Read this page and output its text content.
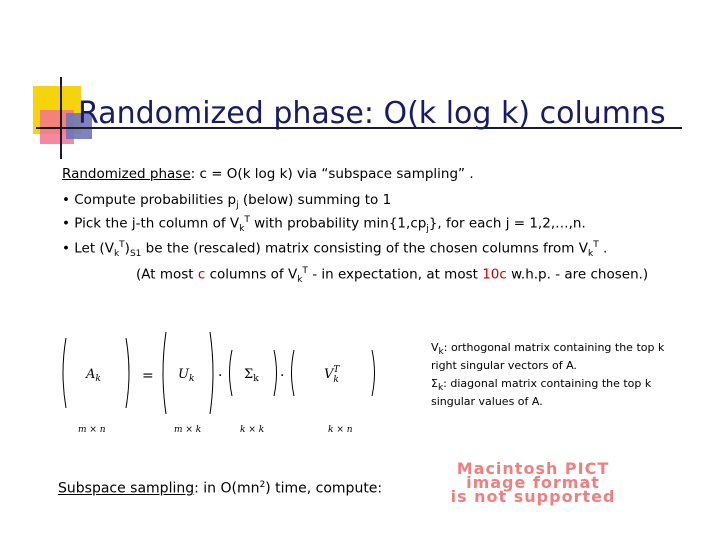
Randomized phase: O(k log k) columns
Randomized phase: c = O(k log k) via “subspace sampling” .
• Compute probabilities $p_j$ (below) summing to 1
• Pick the j-th column of $V_k^T$ with probability $\min\{1,cp_j\}$, for each j = 1,2,…,n.
• Let $(V_k^T)_{S1}$ be the (rescaled) matrix consisting of the chosen columns from $V_k^T$ .
(At most c columns of $V_k^T$ - in expectation, at most 10c w.h.p. - are chosen.)
$A_k$	= $U_k \cdot \Sigma_k$ ·	$V^T$ k
m × n	m × k	k × k	k × n
$V_k$: orthogonal matrix containing the top k right singular vectors of A.
$\Sigma_k$: diagonal matrix containing the top k singular values of A.
Subspace sampling: in $O(mn^2)$ time, compute:
Macintosh PICT
image format
is not supported
